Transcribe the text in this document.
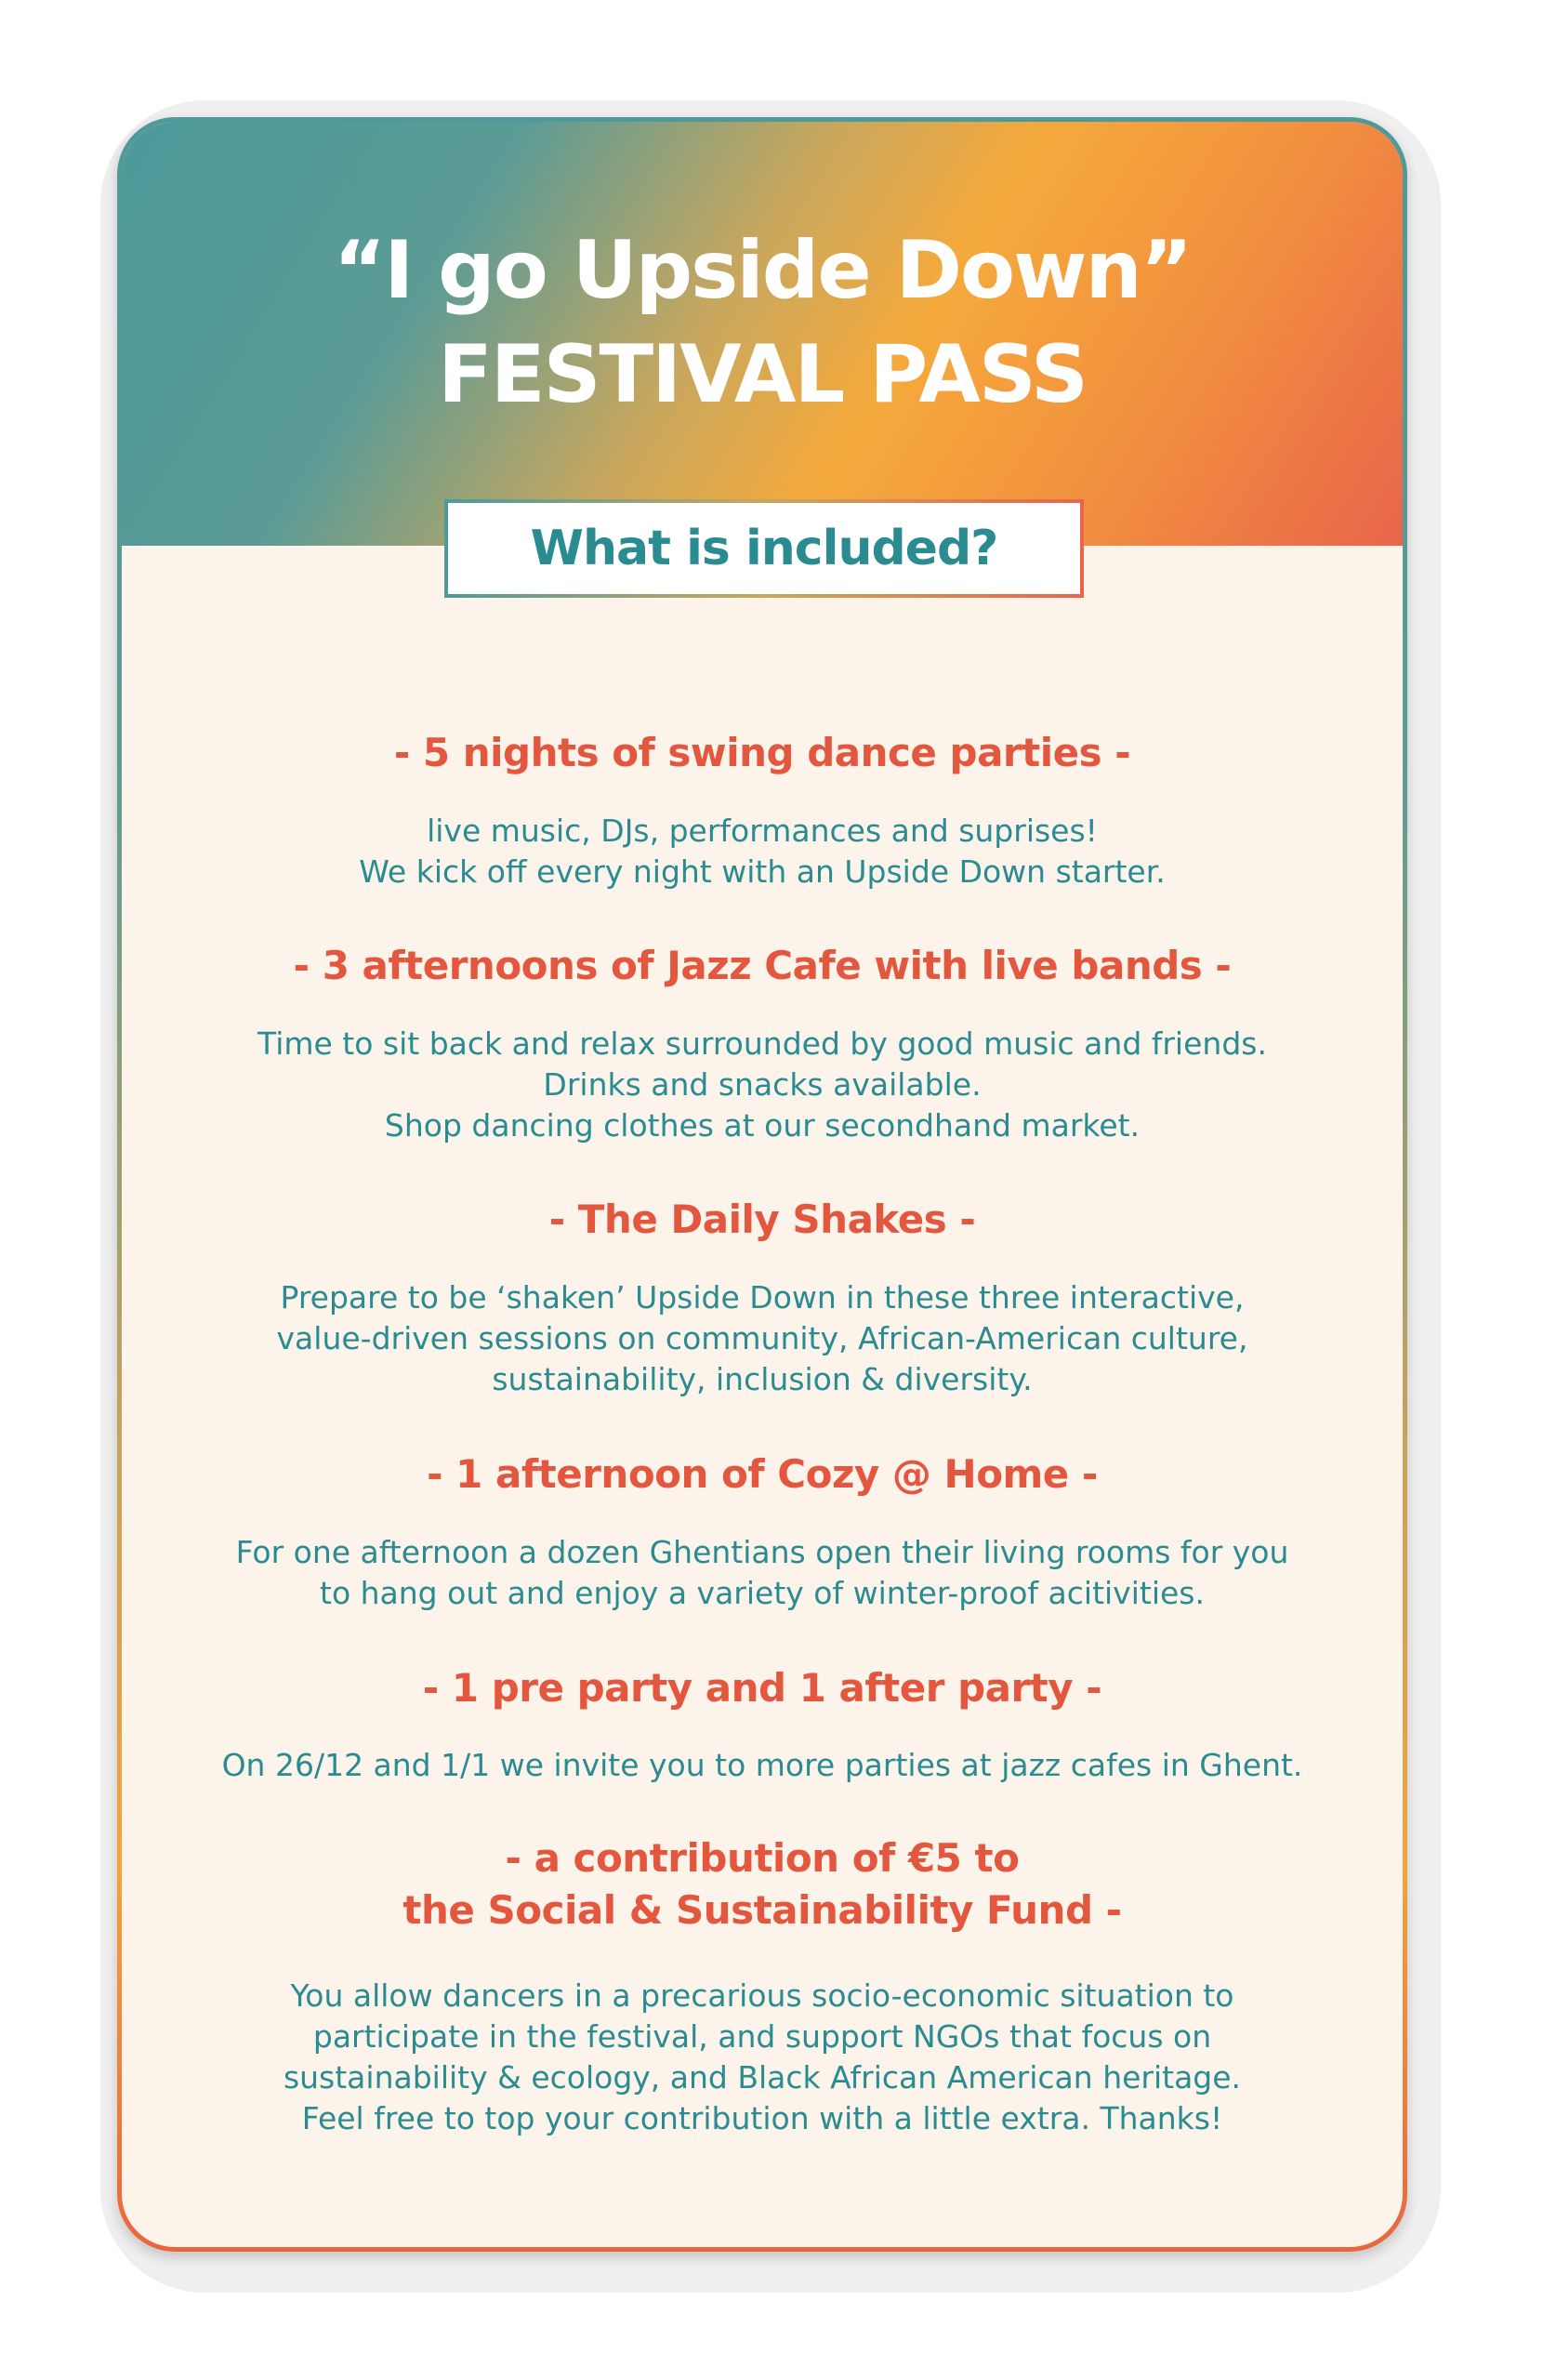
“I go Upside Down”
FESTIVAL PASS
What is included?
- 5 nights of swing dance parties -
live music, DJs, performances and suprises!
We kick off every night with an Upside Down starter.
- 3 afternoons of Jazz Cafe with live bands -
Time to sit back and relax surrounded by good music and friends.
Drinks and snacks available.
Shop dancing clothes at our secondhand market.
- The Daily Shakes -
Prepare to be ‘shaken’ Upside Down in these three interactive,
value-driven sessions on community, African-American culture,
sustainability, inclusion & diversity.
- 1 afternoon of Cozy @ Home -
For one afternoon a dozen Ghentians open their living rooms for you
to hang out and enjoy a variety of winter-proof acitivities.
- 1 pre party and 1 after party -
On 26/12 and 1/1 we invite you to more parties at jazz cafes in Ghent.
- a contribution of €5 to
the Social & Sustainability Fund -
You allow dancers in a precarious socio-economic situation to
participate in the festival, and support NGOs that focus on
sustainability & ecology, and Black African American heritage.
Feel free to top your contribution with a little extra. Thanks!
